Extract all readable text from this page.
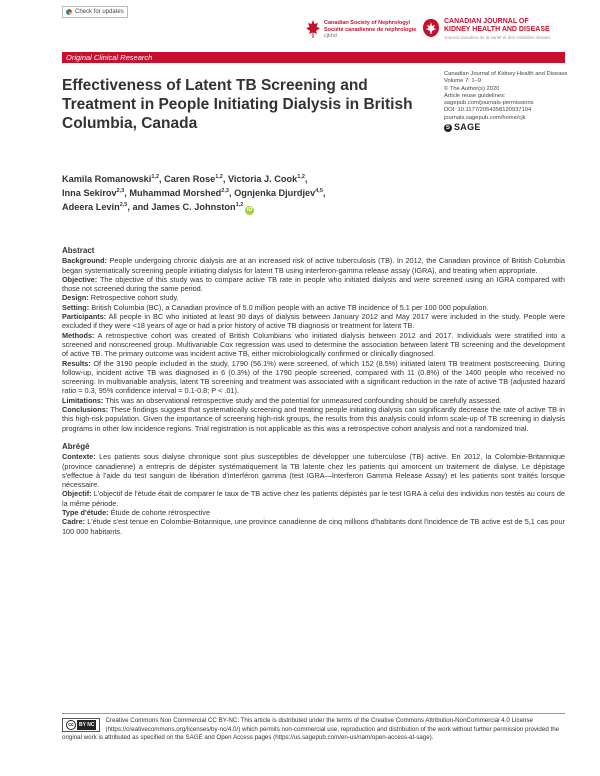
Check for updates
Canadian Society of Nephrology/
Société canadienne de néphrologie
cjkhd
CANADIAN JOURNAL OF
KIDNEY HEALTH AND DISEASE
Journal canadien de la santé et des maladies rénales
Original Clinical Research
Effectiveness of Latent TB Screening and Treatment in People Initiating Dialysis in British Columbia, Canada
Canadian Journal of Kidney Health and Disease
Volume 7: 1–9
© The Author(s) 2020
Article reuse guidelines:
sagepub.com/journals-permissions
DOI: 10.1177/2054358120937104
journals.sagepub.com/home/cjk
S SAGE
Kamila Romanowski$^{1,2}$, Caren Rose$^{1,2}$, Victoria J. Cook$^{1,2}$,
Inna Sekirov$^{2,3}$, Muhammad Morshed$^{2,3}$, Ognjenka Djurdjev$^{4,5}$,
Adeera Levin$^{2,5}$, and James C. Johnston$^{1,2}$iD
Abstract

Background: People undergoing chronic dialysis are at an increased risk of active tuberculosis (TB). In 2012, the Canadian province of British Columbia began systematically screening people initiating dialysis for latent TB using interferon-gamma release assay (IGRA), and treating when appropriate.

Objective: The objective of this study was to compare active TB rate in people who initiated dialysis and were screened using an IGRA compared with those not screened during the same period.

Design: Retrospective cohort study.

Setting: British Columbia (BC), a Canadian province of 5.0 million people with an active TB incidence of 5.1 per 100 000 population.

Participants: All people in BC who initiated at least 90 days of dialysis between January 2012 and May 2017 were included in the study. People were excluded if they were <18 years of age or had a prior history of active TB diagnosis or treatment for latent TB.

Methods: A retrospective cohort was created of British Columbians who initiated dialysis between 2012 and 2017. Individuals were stratified into a screened and nonscreened group. Multivariable Cox regression was used to determine the association between latent TB screening and the development of active TB. The primary outcome was incident active TB, either microbiologically confirmed or clinically diagnosed.

Results: Of the 3190 people included in the study, 1790 (56.1%) were screened, of which 152 (8.5%) initiated latent TB treatment postscreening. During follow-up, incident active TB was diagnosed in 6 (0.3%) of the 1790 people screened, compared with 11 (0.8%) of the 1400 people who received no screening. In multivariable analysis, latent TB screening and treatment was associated with a significant reduction in the rate of active TB (adjusted hazard ratio = 0.3, 95% confidence interval = 0.1-0.8; P < .01).

Limitations: This was an observational retrospective study and the potential for unmeasured confounding should be carefully assessed.

Conclusions: These findings suggest that systematically screening and treating people initiating dialysis can significantly decrease the rate of active TB in this high-risk population. Given the importance of screening high-risk groups, the results from this analysis could inform scale-up of TB screening in dialysis programs in other low incidence regions. Trial registration is not applicable as this was a retrospective cohort analysis and not a randomized trial.

Abrégé

Contexte: Les patients sous dialyse chronique sont plus susceptibles de développer une tuberculose (TB) active. En 2012, la Colombie-Britannique (province canadienne) a entrepris de dépister systématiquement la TB latente chez les patients qui amorcent un traitement de dialyse. Le dépistage s'effectue à l'aide du test sanguin de libération d'interféron gamma (test IGRA—Interferon Gamma Release Assay) et les patients sont traités lorsque nécessaire.

Objectif: L'objectif de l'étude était de comparer le taux de TB active chez les patients dépistés par le test IGRA à celui des individus non testés au cours de la même période.

Type d'étude: Étude de cohorte rétrospective

Cadre: L'étude s'est tenue en Colombie-Britannique, une province canadienne de cinq millions d'habitants dont l'incidence de TB active est de 5,1 cas pour 100 000 habitants.

cc	BY NC
Creative Commons Non Commercial CC BY-NC: This article is distributed under the terms of the Creative Commons Attribution-NonCommercial 4.0 License (https://creativecommons.org/licenses/by-nc/4.0/) which permits non-commercial use, reproduction and distribution of the work without further permission provided the original work is attributed as specified on the SAGE and Open Access pages (https://us.sagepub.com/en-us/nam/open-access-at-sage).
